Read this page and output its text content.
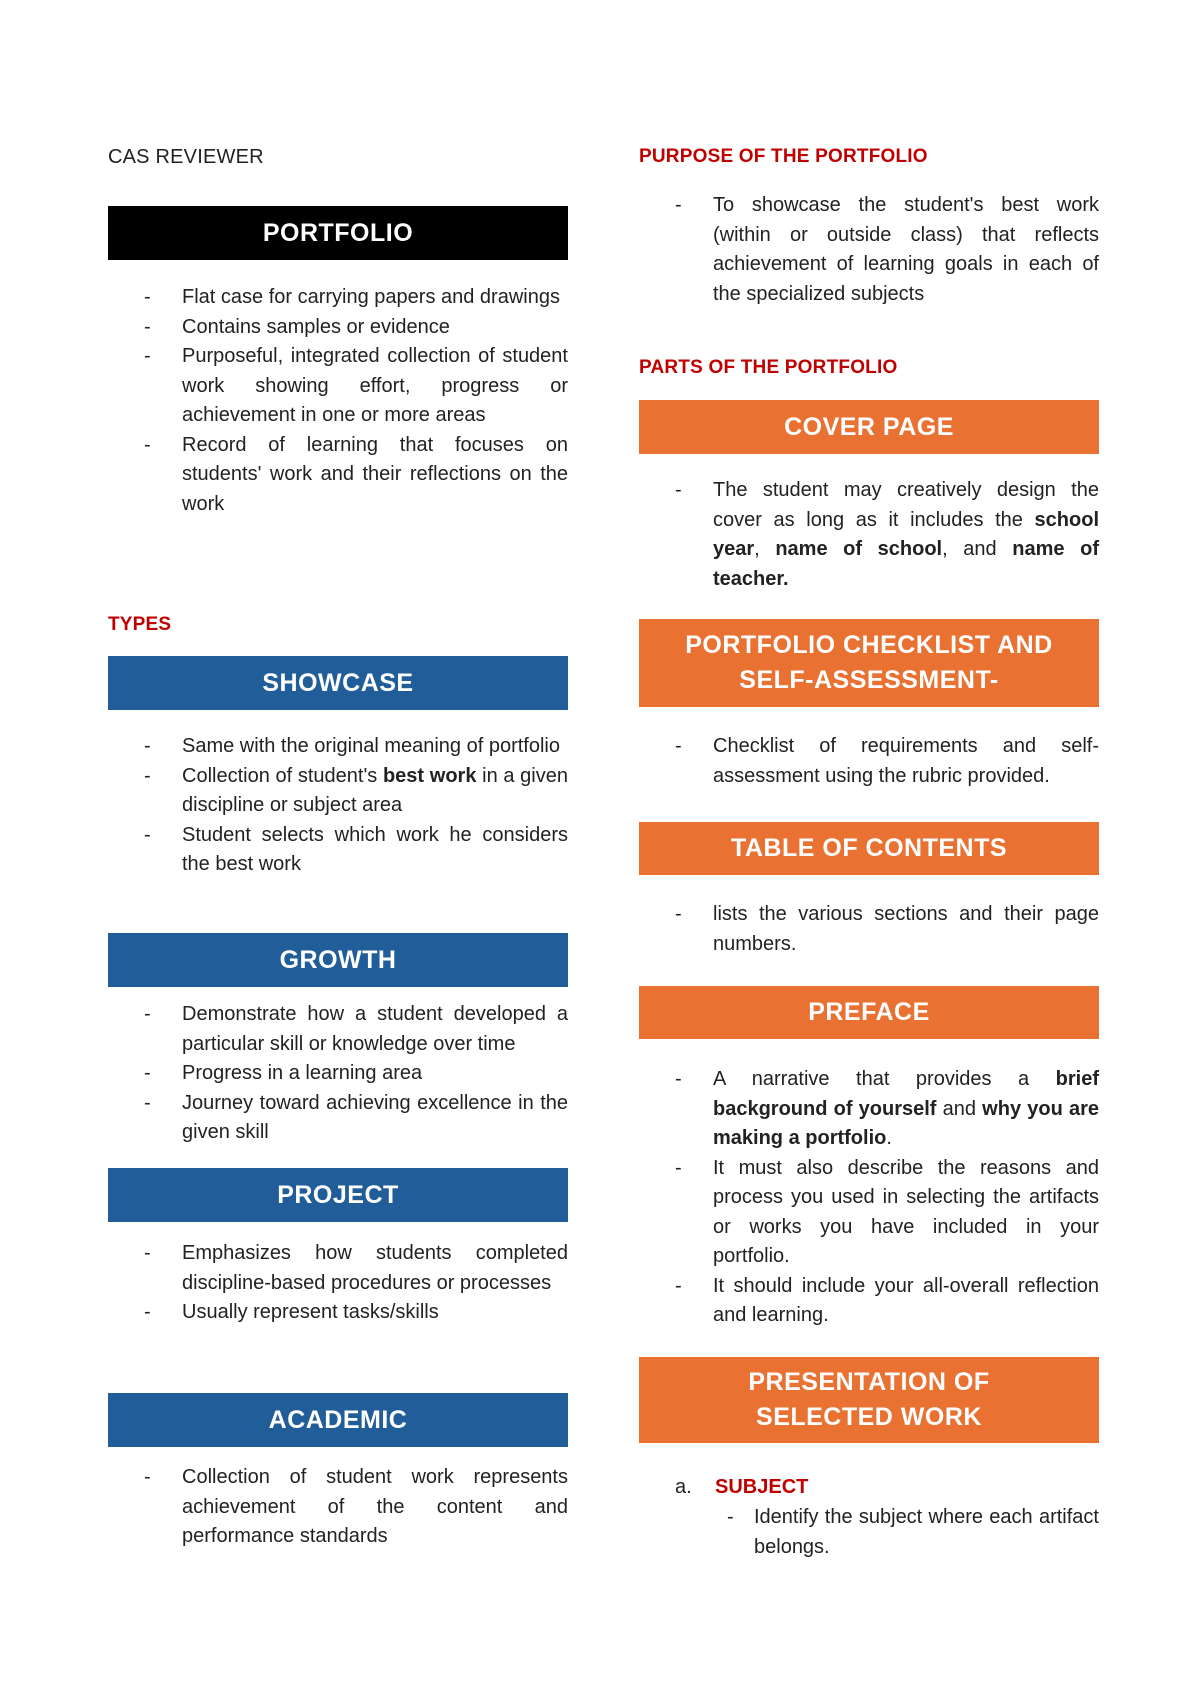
CAS REVIEWER
PORTFOLIO
- Flat case for carrying papers and drawings
- Contains samples or evidence
- Purposeful, integrated collection of student work showing effort, progress or achievement in one or more areas
- Record of learning that focuses on students' work and their reflections on the work
TYPES
SHOWCASE
- Same with the original meaning of portfolio
- Collection of student's best work in a given discipline or subject area
- Student selects which work he considers the best work
GROWTH
- Demonstrate how a student developed a particular skill or knowledge over time
- Progress in a learning area
- Journey toward achieving excellence in the given skill
PROJECT
- Emphasizes how students completed discipline-based procedures or processes
- Usually represent tasks/skills
ACADEMIC
- Collection of student work represents achievement of the content and performance standards
PURPOSE OF THE PORTFOLIO
- To showcase the student's best work (within or outside class) that reflects achievement of learning goals in each of the specialized subjects
PARTS OF THE PORTFOLIO
COVER PAGE
- The student may creatively design the cover as long as it includes the school year, name of school, and name of teacher.
PORTFOLIO CHECKLIST AND
SELF-ASSESSMENT-
- Checklist of requirements and self-assessment using the rubric provided.
TABLE OF CONTENTS
- lists the various sections and their page numbers.
PREFACE
- A narrative that provides a brief background of yourself and why you are making a portfolio.
- It must also describe the reasons and process you used in selecting the artifacts or works you have included in your portfolio.
- It should include your all-overall reflection and learning.
PRESENTATION OF
SELECTED WORK
a. SUBJECT
- Identify the subject where each artifact belongs.
